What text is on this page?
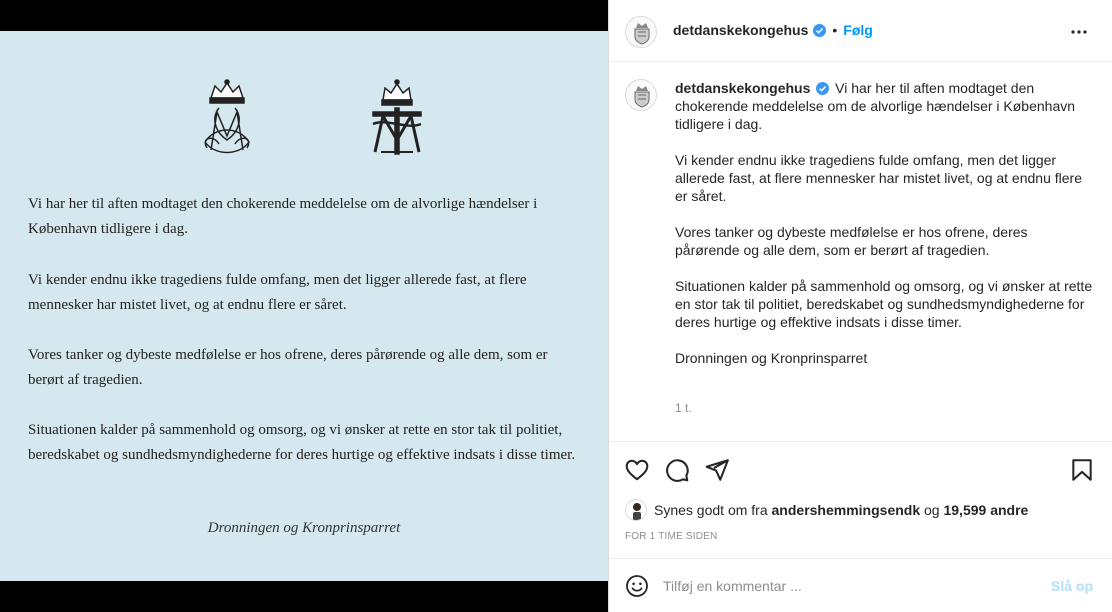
Vi har her til aften modtaget den chokerende meddelelse om de alvorlige hændelser i
København tidligere i dag.
Vi kender endnu ikke tragediens fulde omfang, men det ligger allerede fast, at flere
mennesker har mistet livet, og at endnu flere er såret.
Vores tanker og dybeste medfølelse er hos ofrene, deres pårørende og alle dem, som er
berørt af tragedien.
Situationen kalder på sammenhold og omsorg, og vi ønsker at rette en stor tak til politiet,
beredskabet og sundhedsmyndighederne for deres hurtige og effektive indsats i disse timer.
Dronningen og Kronprinsparret
detdanskekongehus • Følg

detdanskekongehus Vi har her til aften modtaget den chokerende meddelelse om de alvorlige hændelser i København tidligere i dag.

Vi kender endnu ikke tragediens fulde omfang, men det ligger allerede fast, at flere mennesker har mistet livet, og at endnu flere er såret.

Vores tanker og dybeste medfølelse er hos ofrene, deres pårørende og alle dem, som er berørt af tragedien.

Situationen kalder på sammenhold og omsorg, og vi ønsker at rette en stor tak til politiet, beredskabet og sundhedsmyndighederne for deres hurtige og effektive indsats i disse timer.

Dronningen og Kronprinsparret

1 t.
Synes godt om fra
andershemmingsendk
og
19,599 andre
FOR 1 TIME SIDEN
Tilføj en kommentar ...
Slå op
